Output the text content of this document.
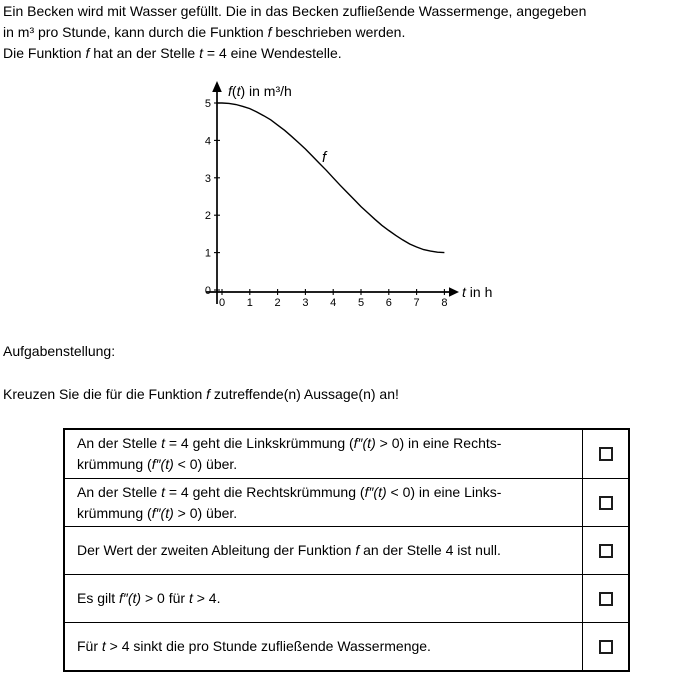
Ein Becken wird mit Wasser gefüllt. Die in das Becken zufließende Wassermenge, angegeben
in m³ pro Stunde, kann durch die Funktion f beschrieben werden.
Die Funktion f hat an der Stelle t = 4 eine Wendestelle.
0 1 2 3 4 5 6 7 8
0
1
2
3
4
5
f(t) in m³/h
t in h
f
Aufgabenstellung:
Kreuzen Sie die für die Funktion f zutreffende(n) Aussage(n) an!
An der Stelle t = 4 geht die Linkskrümmung (f″(t) > 0) in eine Rechts-
krümmung (f″(t) < 0) über.
An der Stelle t = 4 geht die Rechtskrümmung (f″(t) < 0) in eine Links-
krümmung (f″(t) > 0) über.
Der Wert der zweiten Ableitung der Funktion f an der Stelle 4 ist null.
Es gilt f″(t) > 0 für t > 4.
Für t > 4 sinkt die pro Stunde zufließende Wassermenge.
